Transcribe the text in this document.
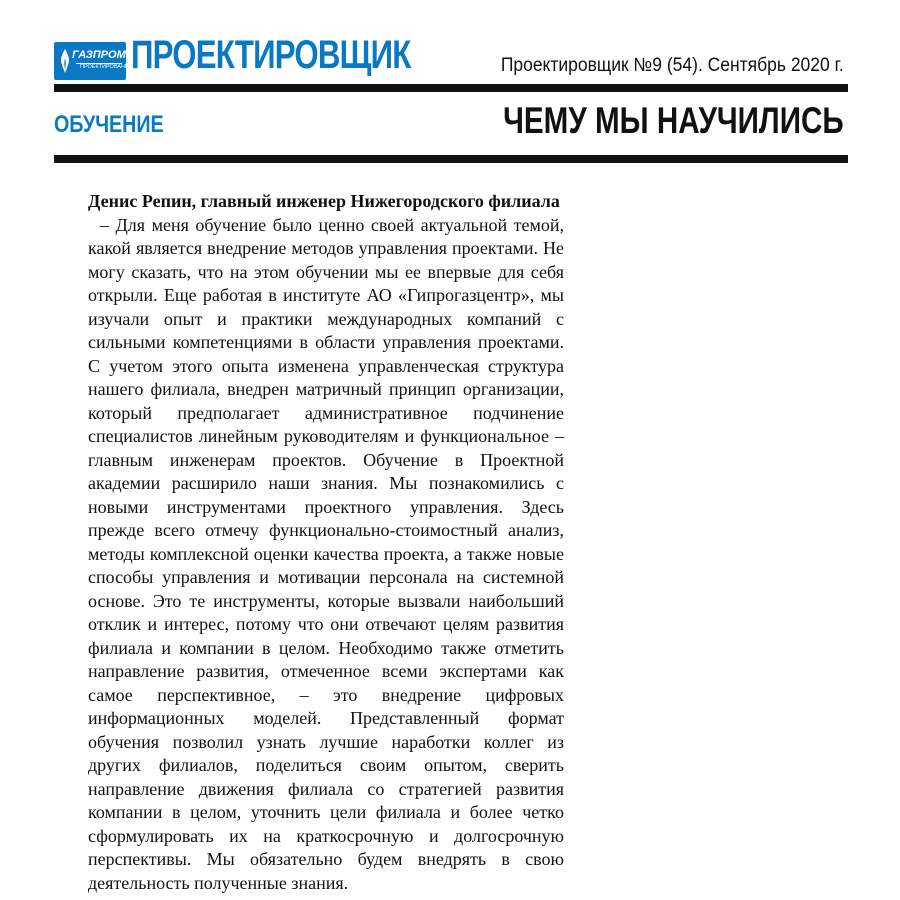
ГАЗПРОМ
ПРОЕКТИРОВАНИЕ
ПРОЕКТИРОВЩИК	Проектировщик №9 (54). Сентябрь 2020 г.
ОБУЧЕНИЕ	ЧЕМУ МЫ НАУЧИЛИСЬ

Денис Репин, главный инженер Нижегородского филиала

– Для меня обучение было ценно своей актуальной темой, какой является внедрение методов управления проектами. Не могу сказать, что на этом обучении мы ее впервые для себя открыли. Еще работая в институте АО «Гипрогазцентр», мы изучали опыт и практики международных компаний с сильными компетенциями в области управления проектами. С учетом этого опыта изменена управленческая структура нашего филиала, внедрен матричный принцип организации, который предполагает административное подчинение специалистов линейным руководителям и функциональное – главным инженерам проектов. Обучение в Проектной академии расширило наши знания. Мы познакомились с новыми инструментами проектного управления. Здесь прежде всего отмечу функционально-стоимостный анализ, методы комплексной оценки качества проекта, а также новые способы управления и мотивации персонала на системной основе. Это те инструменты, которые вызвали наибольший отклик и интерес, потому что они отвечают целям развития филиала и компании в целом. Необходимо также отметить направление развития, отмеченное всеми экспертами как самое перспективное, – это внедрение цифровых информационных моделей. Представленный формат обучения позволил узнать лучшие наработки коллег из других филиалов, поделиться своим опытом, сверить направление движения филиала со стратегией развития компании в целом, уточнить цели филиала и более четко сформулировать их на краткосрочную и долгосрочную перспективы. Мы обязательно будем внедрять в свою деятельность полученные знания.
